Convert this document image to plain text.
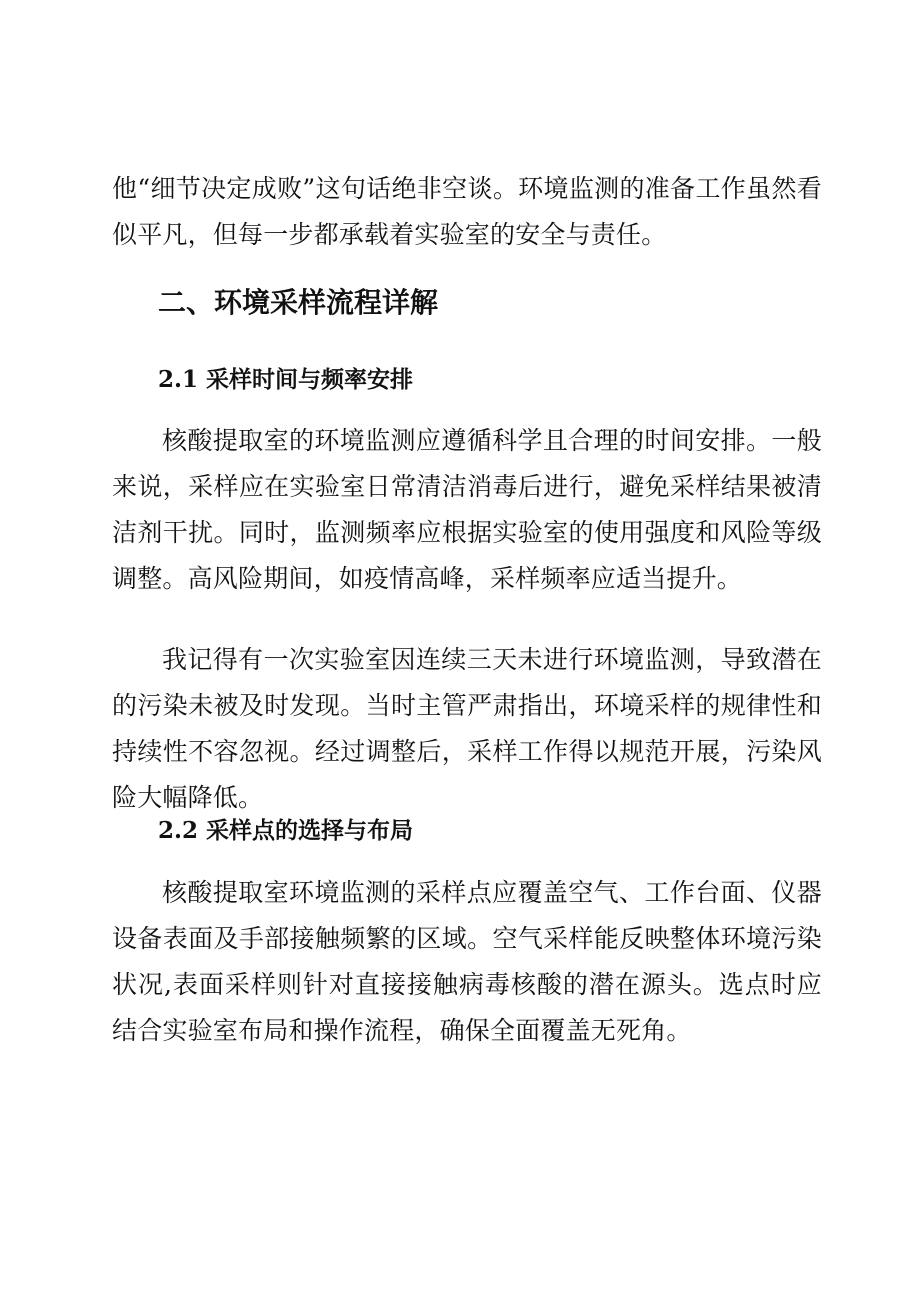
他“细节决定成败”这句话绝非空谈。环境监测的准备工作虽然看似平凡，但每一步都承载着实验室的安全与责任。

二、环境采样流程详解
2.1 采样时间与频率安排

核酸提取室的环境监测应遵循科学且合理的时间安排。一般来说，采样应在实验室日常清洁消毒后进行，避免采样结果被清洁剂干扰。同时，监测频率应根据实验室的使用强度和风险等级调整。高风险期间，如疫情高峰，采样频率应适当提升。

我记得有一次实验室因连续三天未进行环境监测，导致潜在的污染未被及时发现。当时主管严肃指出，环境采样的规律性和持续性不容忽视。经过调整后，采样工作得以规范开展，污染风险大幅降低。

2.2 采样点的选择与布局

核酸提取室环境监测的采样点应覆盖空气、工作台面、仪器设备表面及手部接触频繁的区域。空气采样能反映整体环境污染状况,表面采样则针对直接接触病毒核酸的潜在源头。选点时应结合实验室布局和操作流程，确保全面覆盖无死角。
